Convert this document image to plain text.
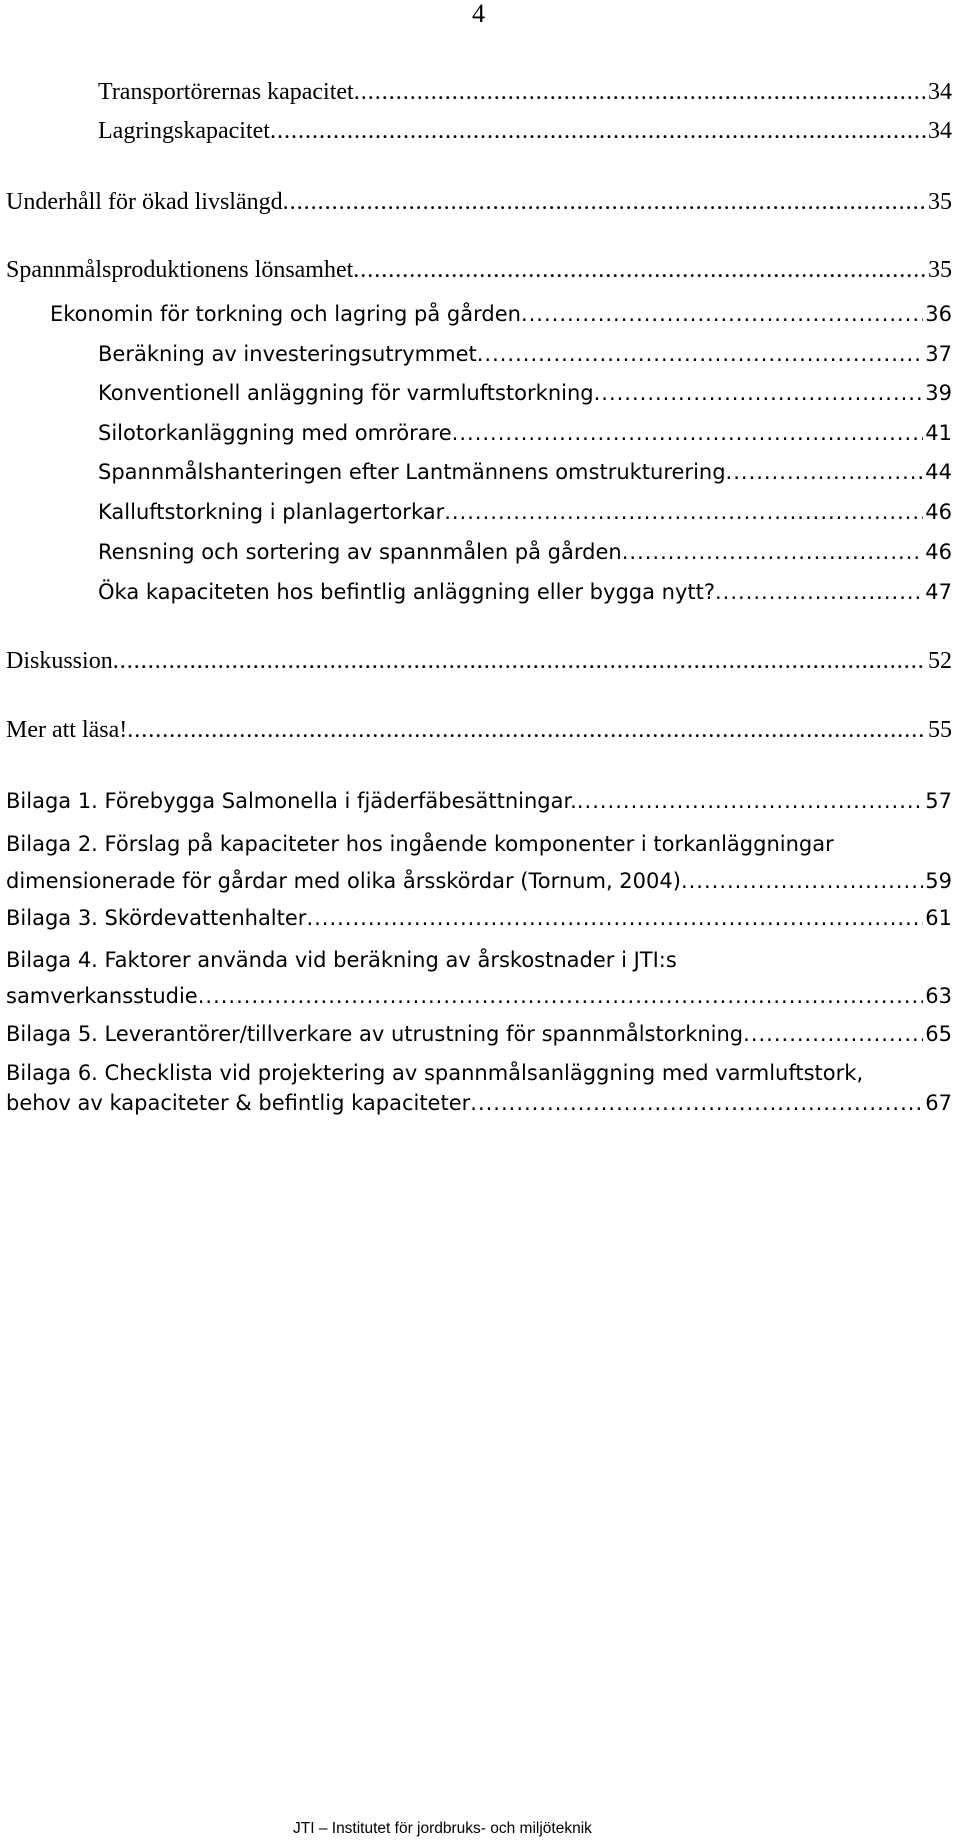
4
Transportörernas kapacitet .....	34
Lagringskapacitet .....	34
Underhåll för ökad livslängd .....	35
Spannmålsproduktionens lönsamhet .....	35
Ekonomin för torkning och lagring på gården .....	36
Beräkning av investeringsutrymmet .....	37
Konventionell anläggning för varmluftstorkning .....	39
Silotorkanläggning med omrörare .....	41
Spannmålshanteringen efter Lantmännens omstrukturering .....	44
Kalluftstorkning i planlagertorkar .....	46
Rensning och sortering av spannmålen på gården .....	46
Öka kapaciteten hos befintlig anläggning eller bygga nytt? .....	47
Diskussion .....	52
Mer att läsa! .....	55
Bilaga 1. Förebygga Salmonella i fjäderfäbesättningar. .....	57
Bilaga 2. Förslag på kapaciteter hos ingående komponenter i torkanläggningar
dimensionerade för gårdar med olika årsskördar (Tornum, 2004) .....	59
Bilaga 3. Skördevattenhalter .....	61
Bilaga 4. Faktorer använda vid beräkning av årskostnader i JTI:s
samverkansstudie .....	63
Bilaga 5. Leverantörer/tillverkare av utrustning för spannmålstorkning .....	65
Bilaga 6. Checklista vid projektering av spannmålsanläggning med varmluftstork,
behov av kapaciteter & befintlig kapaciteter .....	67
JTI – Institutet för jordbruks- och miljöteknik
